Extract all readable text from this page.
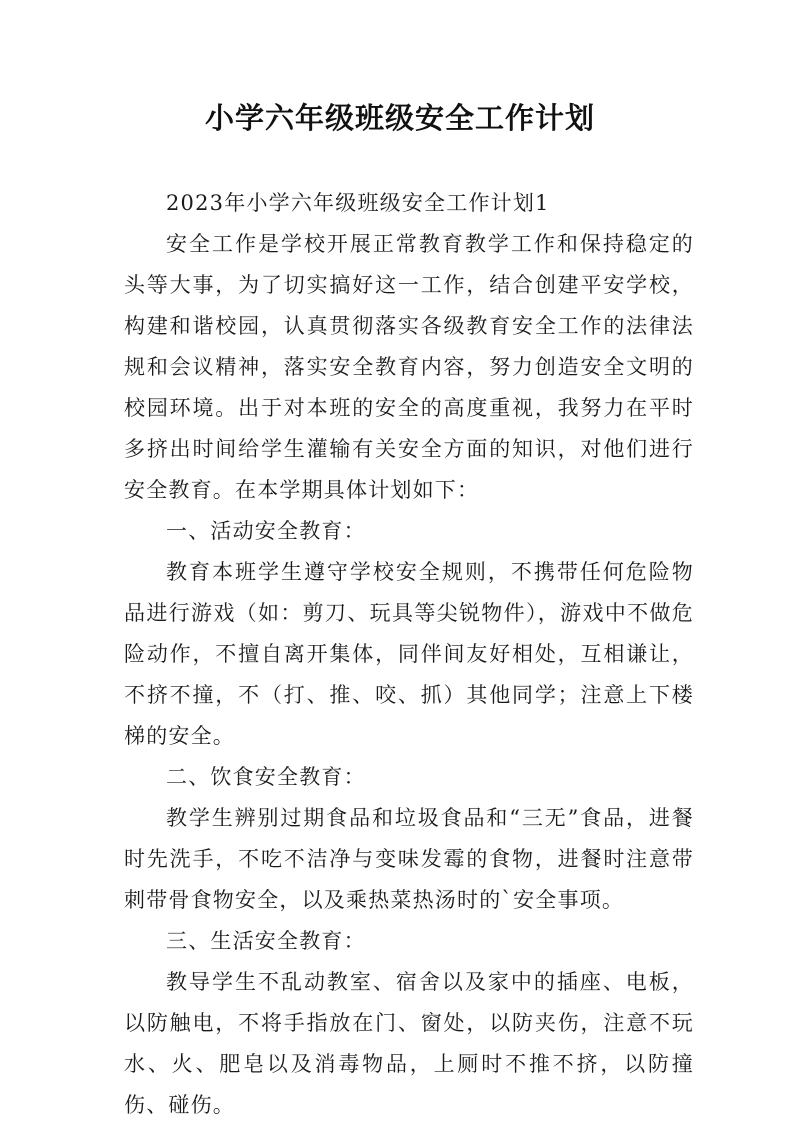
小学六年级班级安全工作计划

2023年小学六年级班级安全工作计划1

安全工作是学校开展正常教育教学工作和保持稳定的头等大事，为了切实搞好这一工作，结合创建平安学校，构建和谐校园，认真贯彻落实各级教育安全工作的法律法规和会议精神，落实安全教育内容，努力创造安全文明的校园环境。出于对本班的安全的高度重视，我努力在平时多挤出时间给学生灌输有关安全方面的知识，对他们进行安全教育。在本学期具体计划如下：

一、活动安全教育：

教育本班学生遵守学校安全规则，不携带任何危险物品进行游戏（如：剪刀、玩具等尖锐物件），游戏中不做危险动作，不擅自离开集体，同伴间友好相处，互相谦让，不挤不撞，不（打、推、咬、抓）其他同学；注意上下楼梯的安全。

二、饮食安全教育：

教学生辨别过期食品和垃圾食品和“三无”食品，进餐时先洗手，不吃不洁净与变味发霉的食物，进餐时注意带刺带骨食物安全，以及乘热菜热汤时的`安全事项。

三、生活安全教育：

教导学生不乱动教室、宿舍以及家中的插座、电板，以防触电，不将手指放在门、窗处，以防夹伤，注意不玩水、火、肥皂以及消毒物品，上厕时不推不挤，以防撞伤、碰伤。
